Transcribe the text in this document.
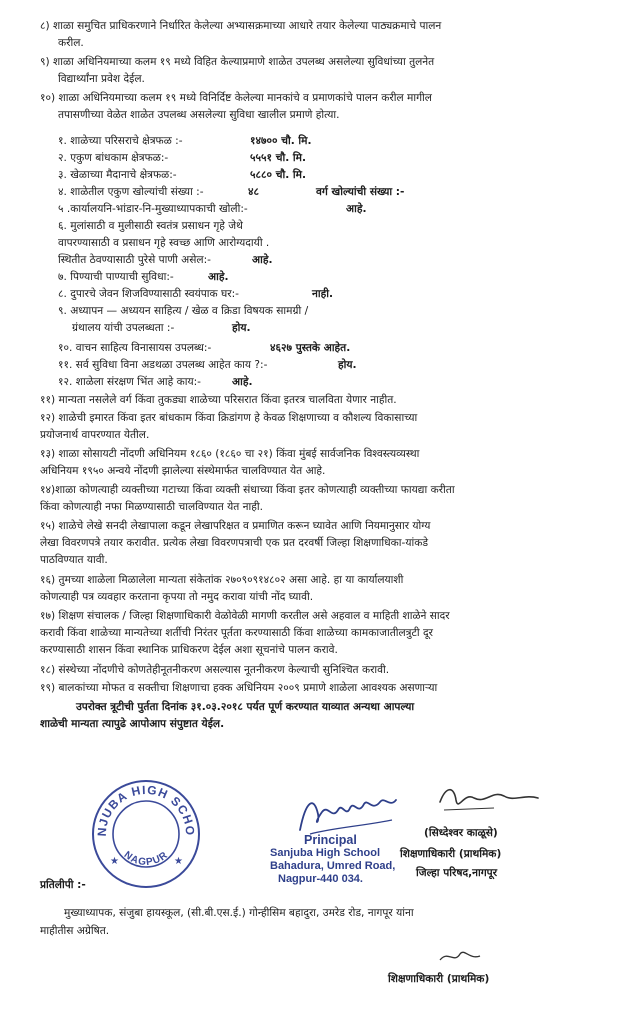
८) शाळा समुचित प्राधिकरणाने निर्धारित केलेल्या अभ्यासक्रमाच्या आधारे तयार केलेल्या पाठ्यक्रमाचे पालन
करील.
९) शाळा अधिनियमाच्या कलम १९ मध्ये विहित केल्याप्रमाणे शाळेत उपलब्ध असलेल्या सुविधांच्या तुलनेत
विद्यार्थ्यांना प्रवेश देईल.
१०) शाळा अधिनियमाच्या कलम १९ मध्ये विनिर्दिष्ट केलेल्या मानकांचे व प्रमाणकांचे पालन करील मागील
तपासणीच्या वेळेत शाळेत उपलब्ध असलेल्या सुविधा खालील प्रमाणे होत्या.
१. शाळेच्या परिसराचे क्षेत्रफळ :-	१४७०० चौ. मि.
२. एकुण बांधकाम क्षेत्रफळ:-	५५५१ चौ. मि.
३. खेळाच्या मैदानाचे क्षेत्रफळ:-	५८८० चौ. मि.
४. शाळेतील एकुण खोल्यांची संख्या :-	४८	वर्ग खोल्यांची संख्या :-
५ .कार्यालयनि-भांडार-नि-मुख्याध्यापकाची खोली:-	आहे.
६. मुलांसाठी व मुलीसाठी स्वतंत्र प्रसाधन गृहे जेथे
वापरण्यासाठी व प्रसाधन गृहे स्वच्छ आणि आरोग्यदायी .
स्थितीत ठेवण्यासाठी पुरेसे पाणी असेल:-	आहे.
७. पिण्याची पाण्याची सुविधा:-	आहे.
८. दुपारचे जेवन शिजविण्यासाठी स्वयंपाक घर:-	नाही.
९. अध्यापन — अध्ययन साहित्य / खेळ व क्रिडा विषयक सामग्री /
ग्रंथालय यांची उपलब्धता :-	होय.
१०. वाचन साहित्य विनासायस उपलब्ध:-	४६२७ पुस्तके आहेत.
११. सर्व सुविधा विना अडथळा उपलब्ध आहेत काय ?:-	होय.
१२. शाळेला संरक्षण भिंत आहे काय:-	आहे.
११) मान्यता नसलेले वर्ग किंवा तुकड्या शाळेच्या परिसरात किंवा इतरत्र चालविता येणार नाहीत.
१२) शाळेची इमारत किंवा इतर बांधकाम किंवा क्रिडांगण हे केवळ शिक्षणाच्या व कौशल्य विकासाच्या
प्रयोजनार्थ वापरण्यात येतील.
१३) शाळा सोसायटी नोंदणी अधिनियम १८६० (१८६० चा २१) किंवा मुंबई सार्वजनिक विश्वस्त्यव्यस्था
अधिनियम १९५० अन्वये नोंदणी झालेल्या संस्थेमार्फत चालविण्यात येत आहे.
१४)शाळा कोणत्याही व्यक्तीच्या गटाच्या किंवा व्यक्ती संधाच्या किंवा इतर कोणत्याही व्यक्तीच्या फायद्या करीता
किंवा कोणत्याही नफा मिळण्यासाठी चालविण्यात येत नाही.
१५) शाळेचे लेखे सनदी लेखापाला कडून लेखापरिक्षत व प्रमाणित करून घ्यावेत आणि नियमानुसार योग्य
लेखा विवरणपत्रे तयार करावीत. प्रत्येक लेखा विवरणपत्राची एक प्रत दरवर्षी जिल्हा शिक्षणाधिका-यांकडे
पाठविण्यात यावी.
१६) तुमच्या शाळेला मिळालेला मान्यता संकेतांक २७०९०९१४८०२ असा आहे. हा या कार्यालयाशी
कोणत्याही पत्र व्यवहार करताना कृपया तो नमुद करावा यांची नोंद घ्यावी.
१७) शिक्षण संचालक / जिल्हा शिक्षणाधिकारी वेळोवेळी मागणी करतील असे अहवाल व माहिती शाळेने सादर
करावी किंवा शाळेच्या मान्यतेच्या शर्तीची निरंतर पूर्तता करण्यासाठी किंवा शाळेच्या कामकाजातीलत्रुटी दूर
करण्यासाठी शासन किंवा स्थानिक प्राधिकरण देईल अशा सूचनांचे पालन करावे.
१८) संस्थेच्या नोंदणीचे कोणतेहीनूतनीकरण असल्यास नूतनीकरण केल्याची सुनिश्चित करावी.
१९) बालकांच्या मोफत व सक्तीचा शिक्षणाचा हक्क अधिनियम २००९ प्रमाणे शाळेला आवश्यक असणाऱ्या
उपरोक्त त्रूटीची पुर्तता दिनांक ३१.०३.२०१८ पर्यत पूर्ण करण्यात याव्यात अन्यथा आपल्या
शाळेची मान्यता त्यापुढे आपोआप संपुष्टात येईल.
NJUBA HIGH SCHO
NAGPUR
★	★
Principal
Sanjuba High School
Bahadura, Umred Road,
Nagpur-440 034.
(सिध्देश्वर काळूसे)
शिक्षणाधिकारी (प्राथमिक)
जिल्हा परिषद,नागपूर
प्रतिलीपी :-
मुख्याध्यापक, संजुबा हायस्कूल, (सी.बी.एस.ई.) गोन्हीसिम बहादुरा, उमरेड रोड, नागपूर यांना
माहीतीस अग्रेषित.
शिक्षणाधिकारी (प्राथमिक)
